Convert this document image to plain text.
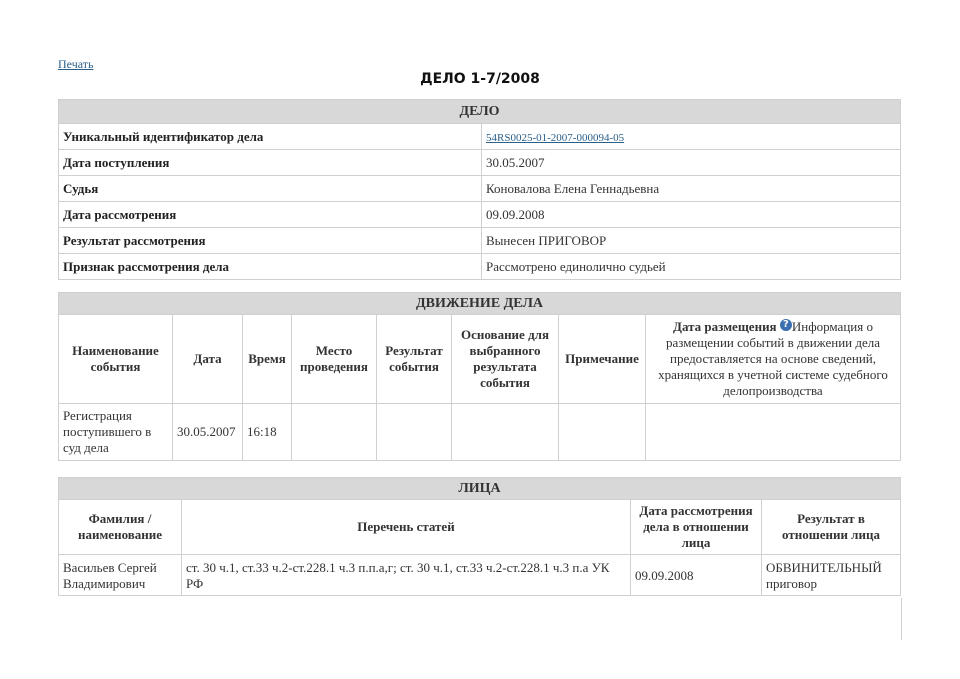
Печать
ДЕЛО 1-7/2008
ДЕЛО	
Уникальный идентификатор дела	54RS0025-01-2007-000094-05
Дата поступления	30.05.2007
Судья	Коновалова Елена Геннадьевна
Дата рассмотрения	09.09.2008
Результат рассмотрения	Вынесен ПРИГОВОР
Признак рассмотрения дела	Рассмотрено единолично судьей
ДВИЖЕНИЕ ДЕЛА							
Наименование события	Дата	Время	Место проведения	Результат события	Основание для выбранного результата события	Примечание	Дата размещения ? Информация о размещении событий в движении дела предоставляется на основе сведений, хранящихся в учетной системе судебного делопроизводства
Регистрация поступившего в суд дела	30.05.2007	16:18					
ЛИЦА			
Фамилия / наименование	Перечень статей	Дата рассмотрения дела в отношении лица	Результат в отношении лица
Васильев Сергей Владимирович	ст. 30 ч.1, ст.33 ч.2-ст.228.1 ч.3 п.п.а,г; ст. 30 ч.1, ст.33 ч.2-ст.228.1 ч.3 п.а УК РФ	09.09.2008	ОБВИНИТЕЛЬНЫЙ приговор
